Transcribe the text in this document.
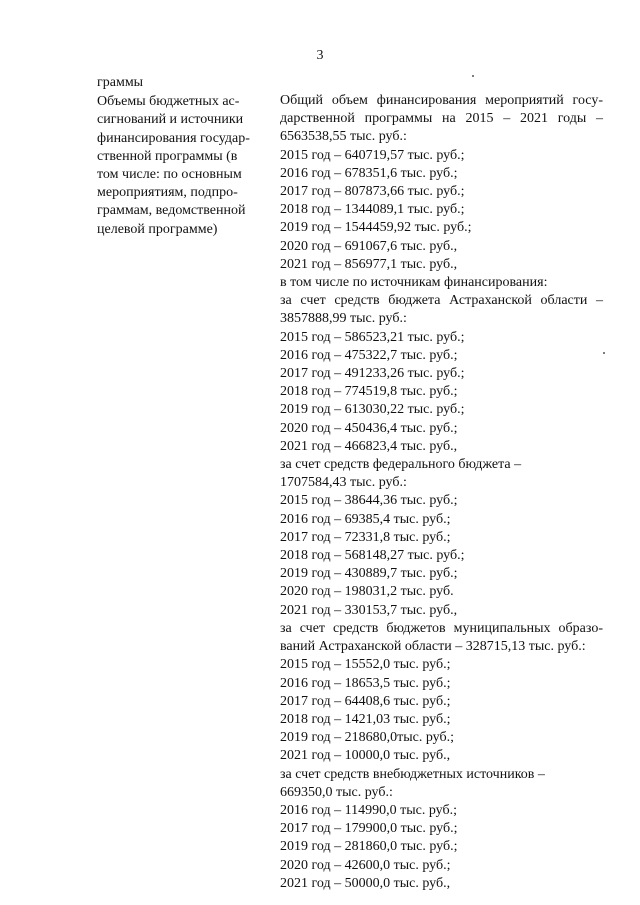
3
граммы
Объемы бюджетных ас-
сигнований и источники
финансирования государ-
ственной программы (в
том числе: по основным
мероприятиям, подпро-
граммам, ведомственной
целевой программе)
Общий объем финансирования мероприятий госу-
дарственной программы на 2015 – 2021 годы –
6563538,55 тыс. руб.:
2015 год – 640719,57 тыс. руб.;
2016 год – 678351,6 тыс. руб.;
2017 год – 807873,66 тыс. руб.;
2018 год – 1344089,1 тыс. руб.;
2019 год – 1544459,92 тыс. руб.;
2020 год – 691067,6 тыс. руб.,
2021 год – 856977,1 тыс. руб.,
в том числе по источникам финансирования:
за счет средств бюджета Астраханской области –
3857888,99 тыс. руб.:
2015 год – 586523,21 тыс. руб.;
2016 год – 475322,7 тыс. руб.;
2017 год – 491233,26 тыс. руб.;
2018 год – 774519,8 тыс. руб.;
2019 год – 613030,22 тыс. руб.;
2020 год – 450436,4 тыс. руб.;
2021 год – 466823,4 тыс. руб.,
за счет средств федерального бюджета –
1707584,43 тыс. руб.:
2015 год – 38644,36 тыс. руб.;
2016 год – 69385,4 тыс. руб.;
2017 год – 72331,8 тыс. руб.;
2018 год – 568148,27 тыс. руб.;
2019 год – 430889,7 тыс. руб.;
2020 год – 198031,2 тыс. руб.
2021 год – 330153,7 тыс. руб.,
за счет средств бюджетов муниципальных образо-
ваний Астраханской области – 328715,13 тыс. руб.:
2015 год – 15552,0 тыс. руб.;
2016 год – 18653,5 тыс. руб.;
2017 год – 64408,6 тыс. руб.;
2018 год – 1421,03 тыс. руб.;
2019 год – 218680,0тыс. руб.;
2021 год – 10000,0 тыс. руб.,
за счет средств внебюджетных источников –
669350,0 тыс. руб.:
2016 год – 114990,0 тыс. руб.;
2017 год – 179900,0 тыс. руб.;
2019 год – 281860,0 тыс. руб.;
2020 год – 42600,0 тыс. руб.;
2021 год – 50000,0 тыс. руб.,
